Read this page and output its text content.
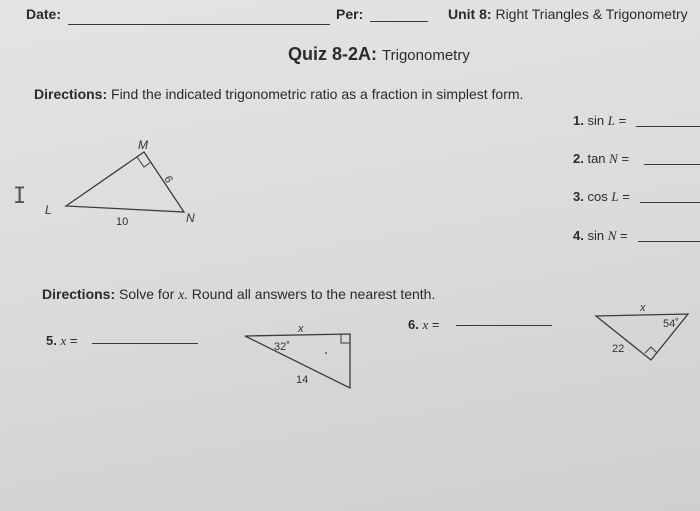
Date:	Per:	Unit 8: Right Triangles & Trigonometry
Quiz 8-2A: Trigonometry
Directions: Find the indicated trigonometric ratio as a fraction in simplest form.
1. sin L =
2. tan N =
3. cos L =
4. sin N =
M
L
N
6
10
I
Directions: Solve for x. Round all answers to the nearest tenth.
5. x =
x
32˚
14
6. x =
x
54˚
22
